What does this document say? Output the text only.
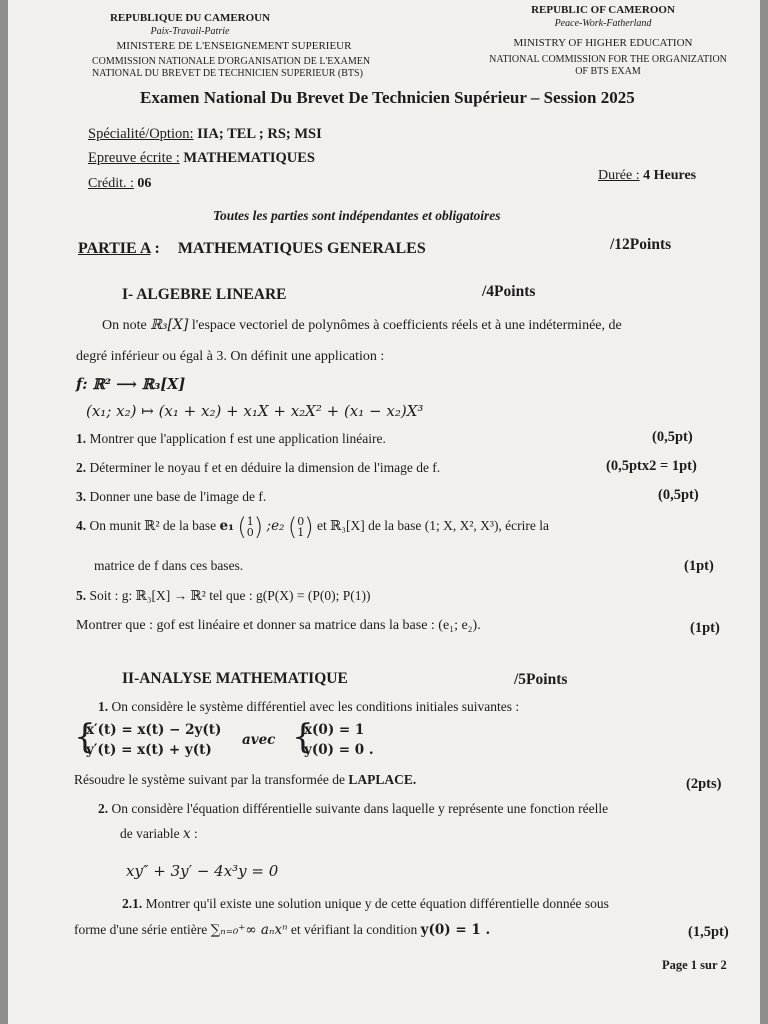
REPUBLIQUE DU CAMEROUN
Paix-Travail-Patrie
MINISTERE DE L'ENSEIGNEMENT SUPERIEUR
COMMISSION NATIONALE D'ORGANISATION DE L'EXAMEN
NATIONAL DU BREVET DE TECHNICIEN SUPERIEUR (BTS)
REPUBLIC OF CAMEROON
Peace-Work-Fatherland
MINISTRY OF HIGHER EDUCATION
NATIONAL COMMISSION FOR THE ORGANIZATION
OF BTS EXAM
Examen National Du Brevet De Technicien Supérieur – Session 2025
Spécialité/Option: IIA; TEL ; RS; MSI
Epreuve écrite : MATHEMATIQUES
Crédit. : 06
Durée : 4 Heures
Toutes les parties sont indépendantes et obligatoires
PARTIE A : MATHEMATIQUES GENERALES	/12Points
I- ALGEBRE LINEARE	/4Points
On note ℝ₃[X] l'espace vectoriel de polynômes à coefficients réels et à une indéterminée, de
degré inférieur ou égal à 3. On définit une application :
f: ℝ² ⟶ ℝ₃[X]
(x₁; x₂) ↦ (x₁ + x₂) + x₁X + x₂X² + (x₁ − x₂)X³
1. Montrer que l'application f est une application linéaire.	(0,5pt)
2. Déterminer le noyau f et en déduire la dimension de l'image de f.	(0,5ptx2 = 1pt)
3. Donner une base de l'image de f.	(0,5pt)
4. On munit ℝ² de la base e₁ (1
0) ;e₂ (0
1) et ℝ₃[X] de la base (1; X, X², X³), écrire la
matrice de f dans ces bases.	(1pt)
5. Soit : g: ℝ₃[X] → ℝ² tel que : g(P(X) = (P(0); P(1))
Montrer que : gof est linéaire et donner sa matrice dans la base : (e₁; e₂).	(1pt)
II-ANALYSE MATHEMATIQUE	/5Points
1. On considère le système différentiel avec les conditions initiales suivantes :
{
x′(t) = x(t) − 2y(t)
y′(t) = x(t) + y(t)
avec {
x(0) = 1
y(0) = 0 .
Résoudre le système suivant par la transformée de LAPLACE.	(2pts)
2. On considère l'équation différentielle suivante dans laquelle y représente une fonction réelle
de variable x :
xy″ + 3y′ − 4x³y = 0
2.1. Montrer qu'il existe une solution unique y de cette équation différentielle donnée sous
forme d'une série entière ∑ₙ₌₀⁺∞ aₙxⁿ et vérifiant la condition y(0) = 1 .	(1,5pt)
Page 1 sur 2
